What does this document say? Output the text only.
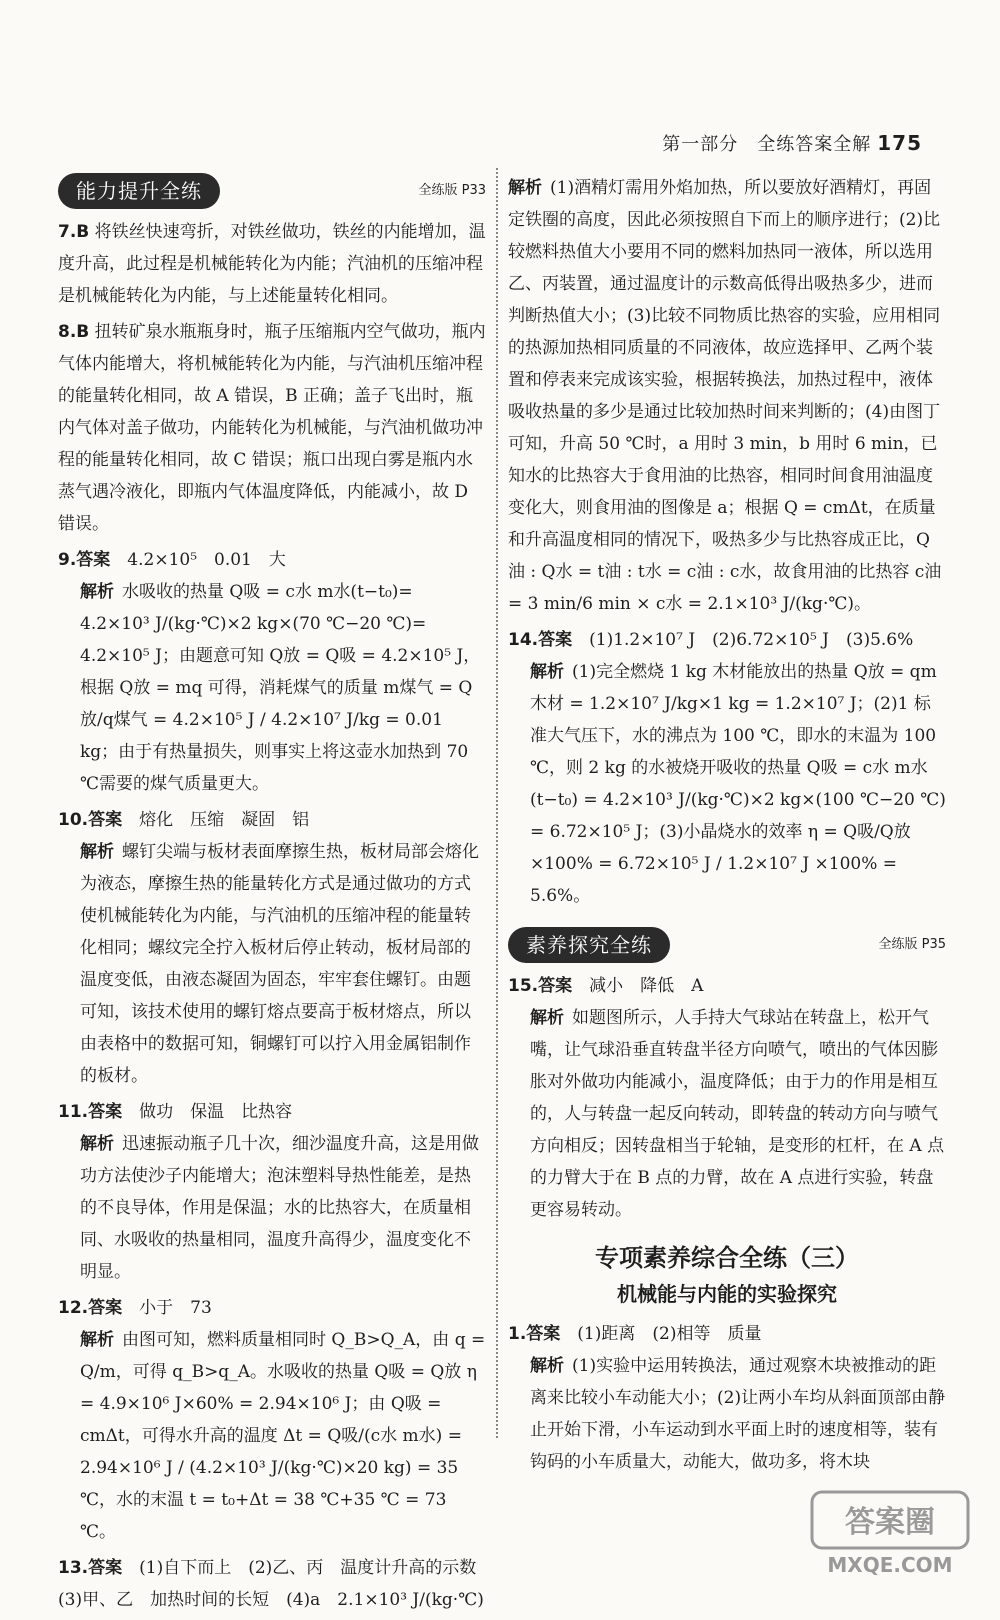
第一部分　全练答案全解 175
能力提升全练	全练版 P33
7.B 将铁丝快速弯折，对铁丝做功，铁丝的内能增加，温度升高，此过程是机械能转化为内能；汽油机的压缩冲程是机械能转化为内能，与上述能量转化相同。
8.B 扭转矿泉水瓶瓶身时，瓶子压缩瓶内空气做功，瓶内气体内能增大，将机械能转化为内能，与汽油机压缩冲程的能量转化相同，故 A 错误，B 正确；盖子飞出时，瓶内气体对盖子做功，内能转化为机械能，与汽油机做功冲程的能量转化相同，故 C 错误；瓶口出现白雾是瓶内水蒸气遇冷液化，即瓶内气体温度降低，内能减小，故 D 错误。
9.答案　 4.2×10⁵　0.01　大
解析 水吸收的热量 Q吸 = c水 m水(t−t₀)= 4.2×10³ J/(kg·℃)×2 kg×(70 ℃−20 ℃)= 4.2×10⁵ J；由题意可知 Q放 = Q吸 = 4.2×10⁵ J，根据 Q放 = mq 可得，消耗煤气的质量 m煤气 = Q放/q煤气 = 4.2×10⁵ J / 4.2×10⁷ J/kg = 0.01 kg；由于有热量损失，则事实上将这壶水加热到 70 ℃需要的煤气质量更大。
10.答案　 熔化　压缩　凝固　铝
解析 螺钉尖端与板材表面摩擦生热，板材局部会熔化为液态，摩擦生热的能量转化方式是通过做功的方式使机械能转化为内能，与汽油机的压缩冲程的能量转化相同；螺纹完全拧入板材后停止转动，板材局部的温度变低，由液态凝固为固态，牢牢套住螺钉。由题可知，该技术使用的螺钉熔点要高于板材熔点，所以由表格中的数据可知，铜螺钉可以拧入用金属铝制作的板材。
11.答案　 做功　保温　比热容
解析 迅速振动瓶子几十次，细沙温度升高，这是用做功方法使沙子内能增大；泡沫塑料导热性能差，是热的不良导体，作用是保温；水的比热容大，在质量相同、水吸收的热量相同，温度升高得少，温度变化不明显。
12.答案　 小于　73
解析 由图可知，燃料质量相同时 Q_B>Q_A，由 q = Q/m，可得 q_B>q_A。水吸收的热量 Q吸 = Q放 η = 4.9×10⁶ J×60% = 2.94×10⁶ J；由 Q吸 = cmΔt，可得水升高的温度 Δt = Q吸/(c水 m水) = 2.94×10⁶ J / (4.2×10³ J/(kg·℃)×20 kg) = 35 ℃，水的末温 t = t₀+Δt = 38 ℃+35 ℃ = 73 ℃。
13.答案　 (1)自下而上　(2)乙、丙　温度计升高的示数　(3)甲、乙　加热时间的长短　(4)a　2.1×10³ J/(kg·℃)
解析 (1)酒精灯需用外焰加热，所以要放好酒精灯，再固定铁圈的高度，因此必须按照自下而上的顺序进行；(2)比较燃料热值大小要用不同的燃料加热同一液体，所以选用乙、丙装置，通过温度计的示数高低得出吸热多少，进而判断热值大小；(3)比较不同物质比热容的实验，应用相同的热源加热相同质量的不同液体，故应选择甲、乙两个装置和停表来完成该实验，根据转换法，加热过程中，液体吸收热量的多少是通过比较加热时间来判断的；(4)由图丁可知，升高 50 ℃时，a 用时 3 min，b 用时 6 min，已知水的比热容大于食用油的比热容，相同时间食用油温度变化大，则食用油的图像是 a；根据 Q = cmΔt，在质量和升高温度相同的情况下，吸热多少与比热容成正比，Q油 : Q水 = t油 : t水 = c油 : c水，故食用油的比热容 c油 = 3 min/6 min × c水 = 2.1×10³ J/(kg·℃)。
14.答案　 (1)1.2×10⁷ J　(2)6.72×10⁵ J　(3)5.6%
解析 (1)完全燃烧 1 kg 木材能放出的热量 Q放 = qm木材 = 1.2×10⁷ J/kg×1 kg = 1.2×10⁷ J；(2)1 标准大气压下，水的沸点为 100 ℃，即水的末温为 100 ℃，则 2 kg 的水被烧开吸收的热量 Q吸 = c水 m水(t−t₀) = 4.2×10³ J/(kg·℃)×2 kg×(100 ℃−20 ℃) = 6.72×10⁵ J；(3)小晶烧水的效率 η = Q吸/Q放 ×100% = 6.72×10⁵ J / 1.2×10⁷ J ×100% = 5.6%。
素养探究全练	全练版 P35
15.答案　 减小　降低　A
解析 如题图所示，人手持大气球站在转盘上，松开气嘴，让气球沿垂直转盘半径方向喷气，喷出的气体因膨胀对外做功内能减小，温度降低；由于力的作用是相互的，人与转盘一起反向转动，即转盘的转动方向与喷气方向相反；因转盘相当于轮轴，是变形的杠杆，在 A 点的力臂大于在 B 点的力臂，故在 A 点进行实验，转盘更容易转动。
专项素养综合全练（三）
机械能与内能的实验探究
1.答案　 (1)距离　(2)相等　质量
解析 (1)实验中运用转换法，通过观察木块被推动的距离来比较小车动能大小；(2)让两小车均从斜面顶部由静止开始下滑，小车运动到水平面上时的速度相等，装有钩码的小车质量大，动能大，做功多，将木块
答案圈
MXQE.COM
